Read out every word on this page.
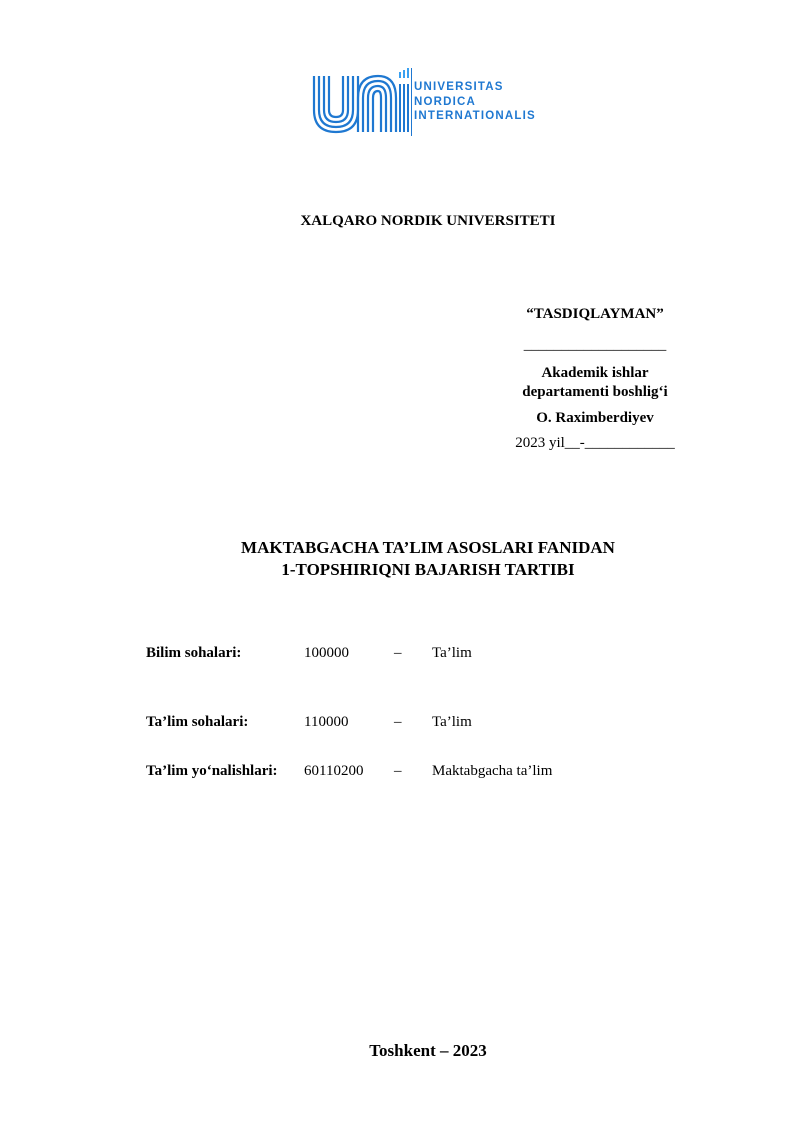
UNIVERSITAS
NORDICA
INTERNATIONALIS
XALQARO NORDIK UNIVERSITETI
“TASDIQLAYMAN”
___________________
Akademik ishlar
departamenti boshlig‘i
O. Raximberdiyev
2023 yil__-____________
MAKTABGACHA TA’LIM ASOSLARI FANIDAN
1-TOPSHIRIQNI BAJARISH TARTIBI
Bilim sohalari:	100000	– Ta’lim
Ta’lim sohalari:	110000	– Ta’lim
Ta’lim yo‘nalishlari: 60110200 – Maktabgacha ta’lim
Toshkent – 2023
